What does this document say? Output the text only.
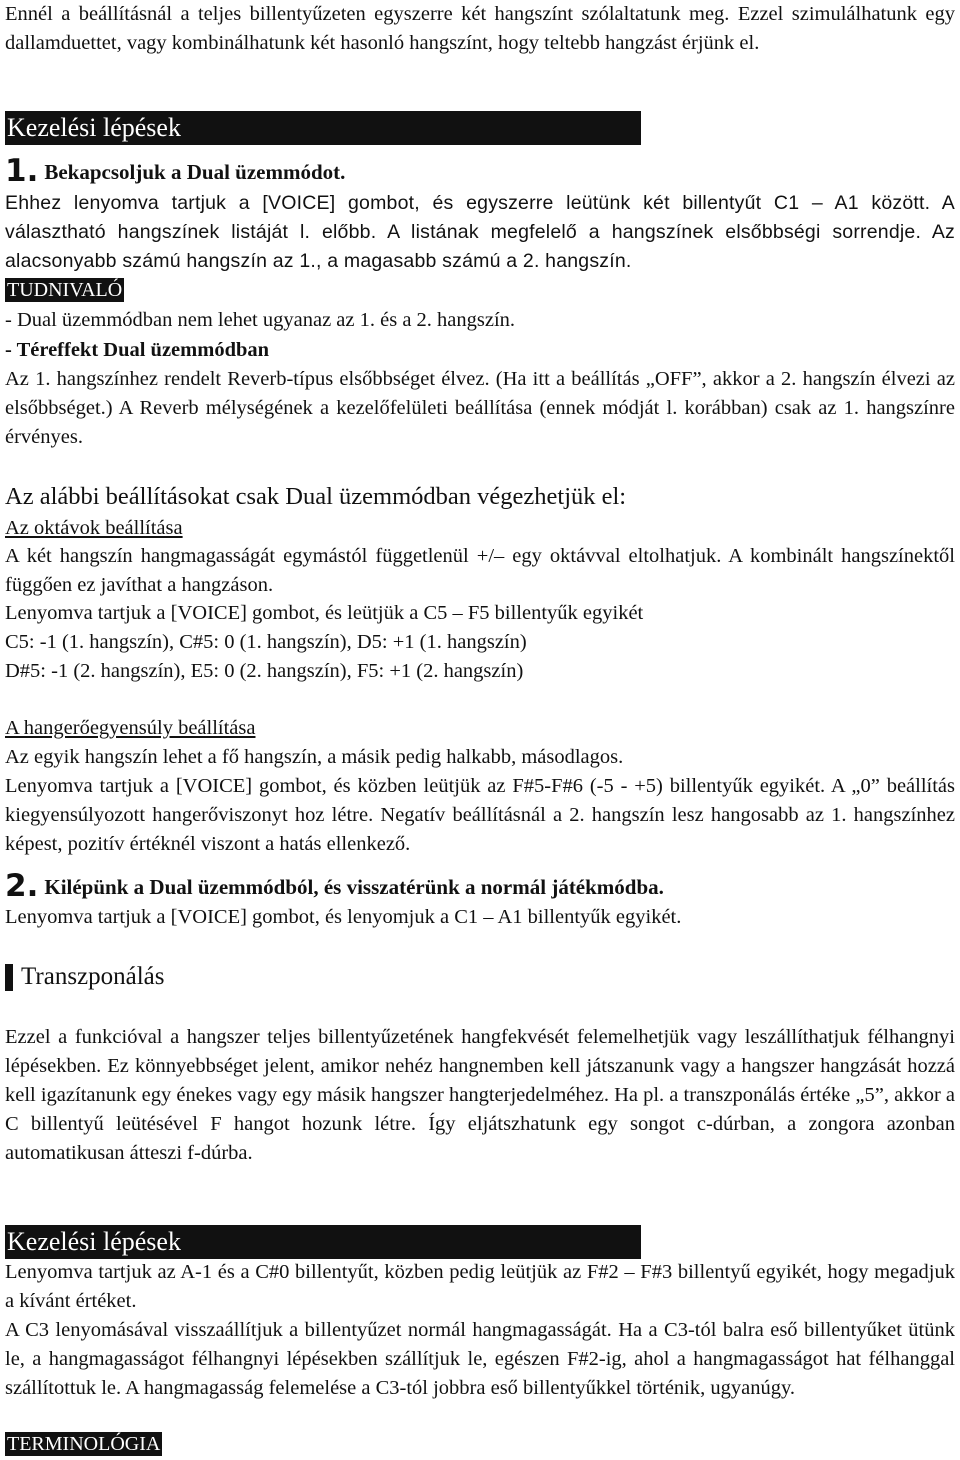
Ennél a beállításnál a teljes billentyűzeten egyszerre két hangszínt szólaltatunk meg. Ezzel szimulálhatunk egy dallamduettet, vagy kombinálhatunk két hasonló hangszínt, hogy teltebb hangzást érjünk el.

Kezelési lépések
1. Bekapcsoljuk a Dual üzemmódot.

Ehhez lenyomva tartjuk a [VOICE] gombot, és egyszerre leütünk két billentyűt C1 – A1 között. A választható hangszínek listáját l. előbb. A listának megfelelő a hangszínek elsőbbségi sorrendje. Az alacsonyabb számú hangszín az 1., a magasabb számú a 2. hangszín.

TUDNIVALÓ

- Dual üzemmódban nem lehet ugyanaz az 1. és a 2. hangszín.

- Téreffekt Dual üzemmódban

Az 1. hangszínhez rendelt Reverb-típus elsőbbséget élvez. (Ha itt a beállítás „OFF”, akkor a 2. hangszín élvezi az elsőbbséget.) A Reverb mélységének a kezelőfelületi beállítása (ennek módját l. korábban) csak az 1. hangszínre érvényes.

Az alábbi beállításokat csak Dual üzemmódban végezhetjük el:

Az oktávok beállítása

A két hangszín hangmagasságát egymástól függetlenül +/– egy oktávval eltolhatjuk. A kombinált hangszínektől függően ez javíthat a hangzáson.

Lenyomva tartjuk a [VOICE] gombot, és leütjük a C5 – F5 billentyűk egyikét

C5: -1 (1. hangszín), C#5: 0 (1. hangszín), D5: +1 (1. hangszín)

D#5: -1 (2. hangszín), E5: 0 (2. hangszín), F5: +1 (2. hangszín)

A hangerőegyensúly beállítása

Az egyik hangszín lehet a fő hangszín, a másik pedig halkabb, másodlagos.

Lenyomva tartjuk a [VOICE] gombot, és közben leütjük az F#5-F#6 (-5 - +5) billentyűk egyikét. A „0” beállítás kiegyensúlyozott hangerőviszonyt hoz létre. Negatív beállításnál a 2. hangszín lesz hangosabb az 1. hangszínhez képest, pozitív értéknél viszont a hatás ellenkező.

2. Kilépünk a Dual üzemmódból, és visszatérünk a normál játékmódba.

Lenyomva tartjuk a [VOICE] gombot, és lenyomjuk a C1 – A1 billentyűk egyikét.

Transzponálás

Ezzel a funkcióval a hangszer teljes billentyűzetének hangfekvését felemelhetjük vagy leszállíthatjuk félhangnyi lépésekben. Ez könnyebbséget jelent, amikor nehéz hangnemben kell játszanunk vagy a hangszer hangzását hozzá kell igazítanunk egy énekes vagy egy másik hangszer hangterjedelméhez. Ha pl. a transzponálás értéke „5”, akkor a C billentyű leütésével F hangot hozunk létre. Így eljátszhatunk egy songot c-dúrban, a zongora azonban automatikusan átteszi f-dúrba.

Kezelési lépések

Lenyomva tartjuk az A-1 és a C#0 billentyűt, közben pedig leütjük az F#2 – F#3 billentyű egyikét, hogy megadjuk a kívánt értéket.

A C3 lenyomásával visszaállítjuk a billentyűzet normál hangmagasságát. Ha a C3-tól balra eső billentyűket ütünk le, a hangmagasságot félhangnyi lépésekben szállítjuk le, egészen F#2-ig, ahol a hangmagasságot hat félhanggal szállítottuk le. A hangmagasság felemelése a C3-tól jobbra eső billentyűkkel történik, ugyanúgy.

TERMINOLÓGIA
